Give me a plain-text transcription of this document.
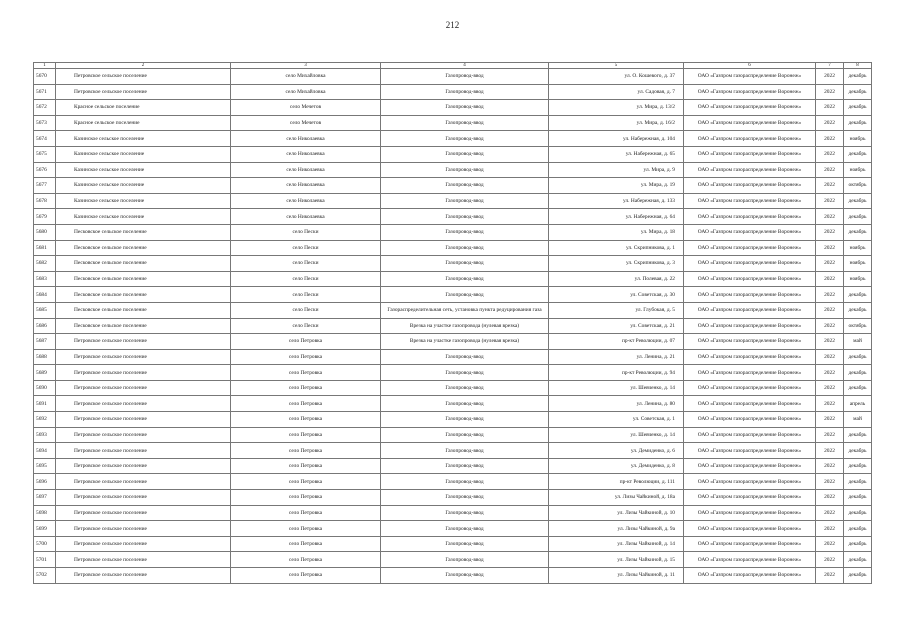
212
1	2	3	4	5	6	7	8
5670	Петровское сельское поселение	село Михайловка	Газопровод-ввод	ул. О. Кошевого, д. 37	ОАО «Газпром газораспределение Воронеж»	2022	декабрь
5671	Петровское сельское поселение	село Михайловка	Газопровод-ввод	ул. Садовая, д. 7	ОАО «Газпром газораспределение Воронеж»	2022	декабрь
5672	Красное сельское поселение	село Мечетов	Газопровод-ввод	ул. Мира, д. 13/2	ОАО «Газпром газораспределение Воронеж»	2022	декабрь
5673	Красное сельское поселение	село Мечетов	Газопровод-ввод	ул. Мира, д. 16/2	ОАО «Газпром газораспределение Воронеж»	2022	декабрь
5674	Казинское сельское поселение	село Николаевка	Газопровод-ввод	ул. Набережная, д. 104	ОАО «Газпром газораспределение Воронеж»	2022	ноябрь
5675	Казинское сельское поселение	село Николаевка	Газопровод-ввод	ул. Набережная, д. 65	ОАО «Газпром газораспределение Воронеж»	2022	декабрь
5676	Казинское сельское поселение	село Николаевка	Газопровод-ввод	ул. Мира, д. 9	ОАО «Газпром газораспределение Воронеж»	2022	ноябрь
5677	Казинское сельское поселение	село Николаевка	Газопровод-ввод	ул. Мира, д. 19	ОАО «Газпром газораспределение Воронеж»	2022	октябрь
5678	Казинское сельское поселение	село Николаевка	Газопровод-ввод	ул. Набережная, д. 133	ОАО «Газпром газораспределение Воронеж»	2022	декабрь
5679	Казинское сельское поселение	село Николаевка	Газопровод-ввод	ул. Набережная, д. 64	ОАО «Газпром газораспределение Воронеж»	2022	декабрь
5680	Песковское сельское поселение	село Пески	Газопровод-ввод	ул. Мира, д. 18	ОАО «Газпром газораспределение Воронеж»	2022	декабрь
5681	Песковское сельское поселение	село Пески	Газопровод-ввод	ул. Скрипникова, д. 1	ОАО «Газпром газораспределение Воронеж»	2022	ноябрь
5682	Песковское сельское поселение	село Пески	Газопровод-ввод	ул. Скрипникова, д. 3	ОАО «Газпром газораспределение Воронеж»	2022	ноябрь
5683	Песковское сельское поселение	село Пески	Газопровод-ввод	ул. Полевая, д. 22	ОАО «Газпром газораспределение Воронеж»	2022	ноябрь
5684	Песковское сельское поселение	село Пески	Газопровод-ввод	ул. Советская, д. 30	ОАО «Газпром газораспределение Воронеж»	2022	декабрь
5685	Песковское сельское поселение	село Пески	Газораспределительная сеть, установка пункта редуцирования газа	ул. Глубокая, д. 5	ОАО «Газпром газораспределение Воронеж»	2022	декабрь
5686	Песковское сельское поселение	село Пески	Врезка на участке газопровода (нулевая врезка)	ул. Советская, д. 21	ОАО «Газпром газораспределение Воронеж»	2022	октябрь
5687	Петровское сельское поселение	село Петровка	Врезка на участке газопровода (нулевая врезка)	пр-кт Революции, д. 07	ОАО «Газпром газораспределение Воронеж»	2022	май
5688	Петровское сельское поселение	село Петровка	Газопровод-ввод	ул. Ленина, д. 21	ОАО «Газпром газораспределение Воронеж»	2022	декабрь
5689	Петровское сельское поселение	село Петровка	Газопровод-ввод	пр-кт Революции, д. 94	ОАО «Газпром газораспределение Воронеж»	2022	декабрь
5690	Петровское сельское поселение	село Петровка	Газопровод-ввод	ул. Шевченко, д. 14	ОАО «Газпром газораспределение Воронеж»	2022	декабрь
5691	Петровское сельское поселение	село Петровка	Газопровод-ввод	ул. Ленина, д. 80	ОАО «Газпром газораспределение Воронеж»	2022	апрель
5692	Петровское сельское поселение	село Петровка	Газопровод-ввод	ул. Советская, д. 1	ОАО «Газпром газораспределение Воронеж»	2022	май
5693	Петровское сельское поселение	село Петровка	Газопровод-ввод	ул. Шевченко, д. 14	ОАО «Газпром газораспределение Воронеж»	2022	декабрь
5694	Петровское сельское поселение	село Петровка	Газопровод-ввод	ул. Демиденко, д. 6	ОАО «Газпром газораспределение Воронеж»	2022	декабрь
5695	Петровское сельское поселение	село Петровка	Газопровод-ввод	ул. Демиденко, д. 8	ОАО «Газпром газораспределение Воронеж»	2022	декабрь
5696	Петровское сельское поселение	село Петровка	Газопровод-ввод	пр-кт Революции, д. 111	ОАО «Газпром газораспределение Воронеж»	2022	декабрь
5697	Петровское сельское поселение	село Петровка	Газопровод-ввод	ул. Лизы Чайкиной, д. 18а	ОАО «Газпром газораспределение Воронеж»	2022	декабрь
5698	Петровское сельское поселение	село Петровка	Газопровод-ввод	ул. Лизы Чайкиной, д. 10	ОАО «Газпром газораспределение Воронеж»	2022	декабрь
5699	Петровское сельское поселение	село Петровка	Газопровод-ввод	ул. Лизы Чайкиной, д. 9а	ОАО «Газпром газораспределение Воронеж»	2022	декабрь
5700	Петровское сельское поселение	село Петровка	Газопровод-ввод	ул. Лизы Чайкиной, д. 14	ОАО «Газпром газораспределение Воронеж»	2022	декабрь
5701	Петровское сельское поселение	село Петровка	Газопровод-ввод	ул. Лизы Чайкиной, д. 15	ОАО «Газпром газораспределение Воронеж»	2022	декабрь
5702	Петровское сельское поселение	село Петровка	Газопровод-ввод	ул. Лизы Чайкиной, д. 11	ОАО «Газпром газораспределение Воронеж»	2022	декабрь
